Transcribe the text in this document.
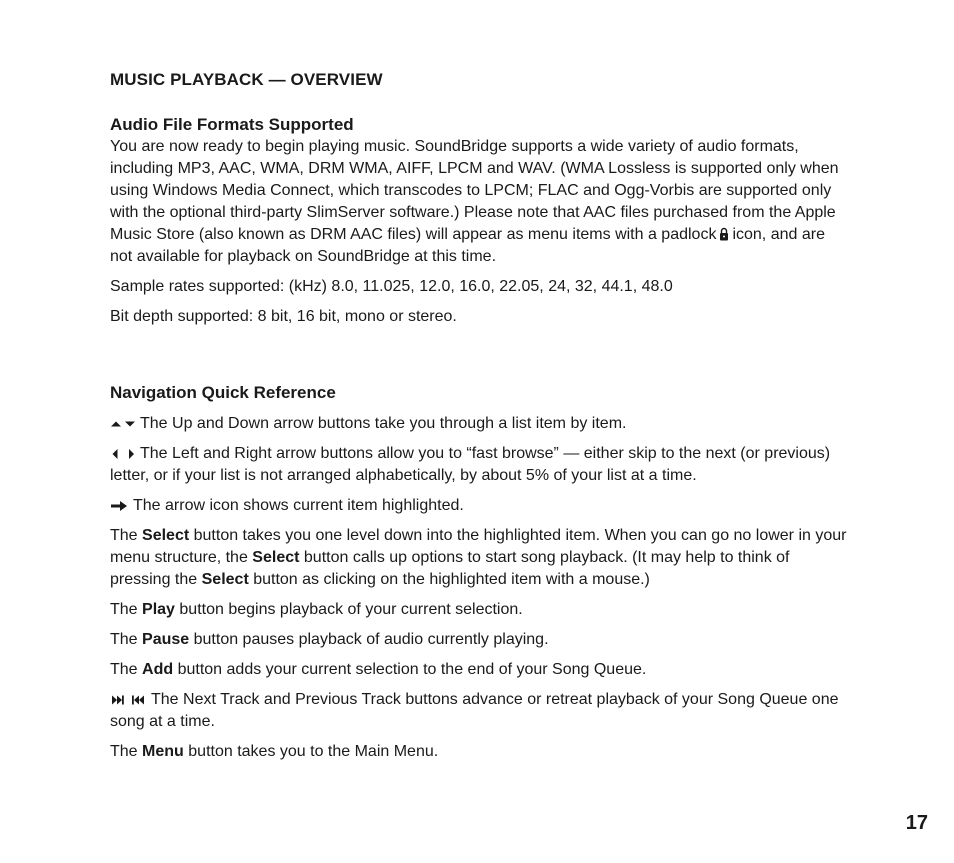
MUSIC PLAYBACK — OVERVIEW
Audio File Formats Supported

You are now ready to begin playing music. SoundBridge supports a wide variety of audio formats, including MP3, AAC, WMA, DRM WMA, AIFF, LPCM and WAV. (WMA Lossless is supported only when using Windows Media Connect, which transcodes to LPCM; FLAC and Ogg-Vorbis are supported only with the optional third-party SlimServer software.) Please note that AAC files purchased from the Apple Music Store (also known as DRM AAC files) will appear as menu items with a padlock icon, and are not available for playback on SoundBridge at this time.

Sample rates supported: (kHz) 8.0, 11.025, 12.0, 16.0, 22.05, 24, 32, 44.1, 48.0

Bit depth supported: 8 bit, 16 bit, mono or stereo.

Navigation Quick Reference

The Up and Down arrow buttons take you through a list item by item.

The Left and Right arrow buttons allow you to “fast browse” — either skip to the next (or previous) letter, or if your list is not arranged alphabetically, by about 5% of your list at a time.

The arrow icon shows current item highlighted.

The Select button takes you one level down into the highlighted item. When you can go no lower in your menu structure, the Select button calls up options to start song playback. (It may help to think of pressing the Select button as clicking on the highlighted item with a mouse.)

The Play button begins playback of your current selection.

The Pause button pauses playback of audio currently playing.

The Add button adds your current selection to the end of your Song Queue.

The Next Track and Previous Track buttons advance or retreat playback of your Song Queue one song at a time.

The Menu button takes you to the Main Menu.

17
